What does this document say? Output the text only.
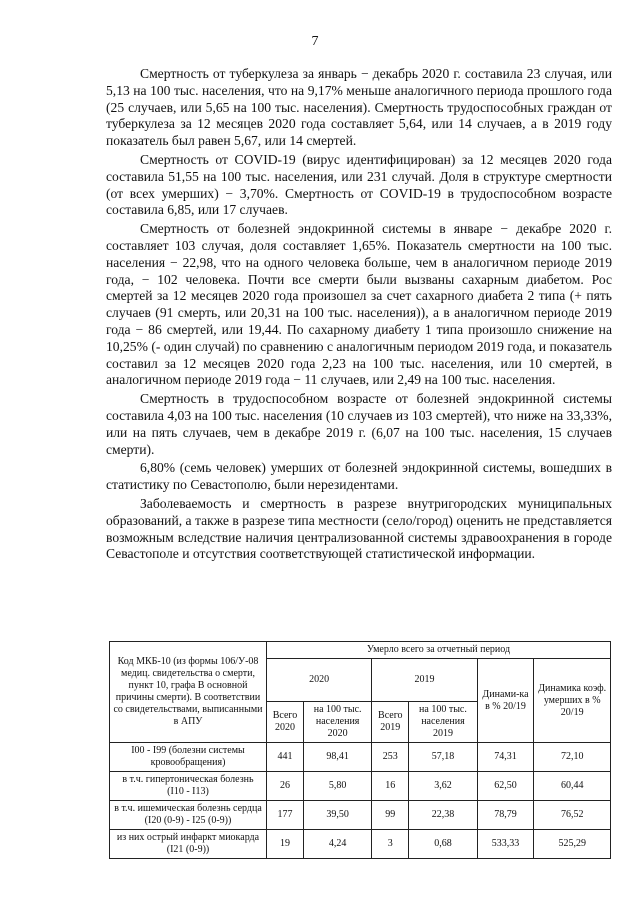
7

Смертность от туберкулеза за январь − декабрь 2020 г. составила 23 случая, или 5,13 на 100 тыс. населения, что на 9,17% меньше аналогичного периода прошлого года (25 случаев, или 5,65 на 100 тыс. населения). Смертность трудоспособных граждан от туберкулеза за 12 месяцев 2020 года составляет 5,64, или 14 случаев, а в 2019 году показатель был равен 5,67, или 14 смертей.

Смертность от COVID-19 (вирус идентифицирован) за 12 месяцев 2020 года составила 51,55 на 100 тыс. населения, или 231 случай. Доля в структуре смертности (от всех умерших) − 3,70%. Смертность от COVID-19 в трудоспособном возрасте составила 6,85, или 17 случаев.

Смертность от болезней эндокринной системы в январе − декабре 2020 г. составляет 103 случая, доля составляет 1,65%. Показатель смертности на 100 тыс. населения − 22,98, что на одного человека больше, чем в аналогичном периоде 2019 года, − 102 человека. Почти все смерти были вызваны сахарным диабетом. Рос смертей за 12 месяцев 2020 года произошел за счет сахарного диабета 2 типа (+ пять случаев (91 смерть, или 20,31 на 100 тыс. населения)), а в аналогичном периоде 2019 года − 86 смертей, или 19,44. По сахарному диабету 1 типа произошло снижение на 10,25% (- один случай) по сравнению с аналогичным периодом 2019 года, и показатель составил за 12 месяцев 2020 года 2,23 на 100 тыс. населения, или 10 смертей, в аналогичном периоде 2019 года − 11 случаев, или 2,49 на 100 тыс. населения.

Смертность в трудоспособном возрасте от болезней эндокринной системы составила 4,03 на 100 тыс. населения (10 случаев из 103 смертей), что ниже на 33,33%, или на пять случаев, чем в декабре 2019 г. (6,07 на 100 тыс. населения, 15 случаев смерти).

6,80% (семь человек) умерших от болезней эндокринной системы, вошедших в статистику по Севастополю, были нерезидентами.

Заболеваемость и смертность в разрезе внутригородских муниципальных образований, а также в разрезе типа местности (село/город) оценить не представляется возможным вследствие наличия централизованной системы здравоохранения в городе Севастополе и отсутствия соответствующей статистической информации.

Код МКБ-10 (из формы 106/У-08 медиц. свидетельства о смерти, пункт 10, графа В основной причины смерти). В соответствии со свидетельствами, выписанными в АПУ	Умерло всего за отчетный период					
	2020		2019		Динами-ка в % 20/19	Динамика коэф. умерших в % 20/19
	Всего 2020	на 100 тыс. населения 2020	Всего 2019	на 100 тыс. населения 2019		
I00 - I99 (болезни системы кровообращения)	441	98,41	253	57,18	74,31	72,10
в т.ч. гипертоническая болезнь (I10 - I13)	26	5,80	16	3,62	62,50	60,44
в т.ч. ишемическая болезнь сердца (I20 (0-9) - I25 (0-9))	177	39,50	99	22,38	78,79	76,52
из них острый инфаркт миокарда (I21 (0-9))	19	4,24	3	0,68	533,33	525,29
